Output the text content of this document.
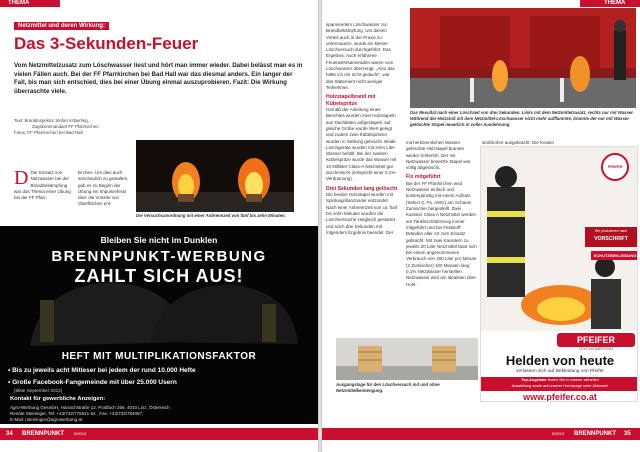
THEMA
Netzmittel und deren Wirkung:
Das 3-Sekunden-Feuer
Vom Netzmittelzusatz zum Löschwasser liest und hört man immer wieder. Dabei belässt man es in vielen Fällen auch. Bei der FF Pfarrkirchen bei Bad Hall war das diesmal anders. Ein langer der Fall, bis man sich entschied, dies bei einer Übung einmal auszuprobieren. Fazit: Die Wirkung überraschte viele.
Text: Brandinspektor Stefan Köberling,
Zugskommandant FF Pfarrkirchen
Fotos: FF Pfarrkirchen bei Bad Hall
D Der Einsatz von Netzwasser bei der Brandbekämpfung war das Thema einer Übung bei der FF Pfarr-
kirchen. Um dies auch anschaulich zu gestalten, gab es zu Beginn der Übung ein Impulsreferat über die Vorteile von Oberflächen ent-
Die Versuchsanordnung mit einer Anbrennzeit von fünf bis zehn Minuten.
Bleiben Sie nicht im Dunklen
BRENNPUNKT-WERBUNG
ZAHLT SICH AUS!
HEFT MIT MULTIPLIKATIONSFAKTOR
• Bis zu jeweils acht Mitleser bei jedem der rund 10.000 Hefte
• Große Facebook-Fangemeinde mit über 25.000 Usern
(Mitte September 2013)
Kontakt für gewerbliche Anzeigen:
Agro-Werbung GesmbH, Harrachstraße 12, Postfach 256, 4010 Linz, Österreich
Renate Steininger, Tel: +43/732/776641-54 , Fax: +43/732/784067,
E-Mail: rsteininger@agrowerbung.at
34 BRENNPUNKT	5/2013
THEMA
spannendem Löschwasser zur Brandbekämpfung. Um diesen Vorteil auch in der Praxis zu untermauern, wurde ein kleiner Löschversuch durchgeführt. Das Ergebnis: Auch erfahrene Feuerwehrkameraden waren vom Löschwasser überzeugt. „Also das hätte ich mir nicht gedacht“, war das Statement nicht weniger Teilnehmer.
Holzstapelbrand mit Kübelspritze
Gemäß der Anleitung eines Berichtes wurden zwei Holzstapeln aus Dachlatten aufgestapelt, auf gleiche Größe wurde Wert gelegt und zudem zwei Kübelspritzen wurden in Stellung gebracht. Beide Löschgeräte wurden mit zehn Liter Wasser befüllt. Bei der zweiten Kübelspritze wurde das Wasser mit 10 Milliliter Class-A Netzmittel gut durchmischt (entspricht einer 0,1%-Verdünnung).
Drei Sekunden lang gelöscht
Die beiden Holzstapel wurden mit Spiritusgrillanzünder entzündet. Nach einer Anbrennzeit von ca. fünf bis zehn Minuten wurden die Löschversuche zeitgleich gestartet und nach drei Sekunden mit folgendem Ergebnis beendet. Der
Das Resultat nach einer Löschzeit von drei Sekunden. Links mit dem Netzmittelzusatz, rechts nur mit Wasser. Während der Holzstoß mit dem Netzmittel-Löschwasser nicht mehr aufflammte, brannte der nur mit Wasser gelöschte Stapel neuerlich in voller Ausdehnung.
mit herkömmlichen Wasser gelöschte Holzstapel brannte wieder lichterloh. Der mit Netzwasser benetzte Stapel war völlig abgelöscht.
Fix mitgeführt
Bei der FF Pfarrkirchen wird Netzwasser einfach und kostengünstig mit einem Aufsatz (Select Z, Fa. AWG) am Schaum Zumischer hergestellt. Zwei Kanister Class A Netzmittel werden am Tanklöschfahrzeug immer mitgeführt und bei Feststoff-Bränden aller Art zum Einsatz gebracht. Mit zwei Kanistern zu jeweils 20 Liter Netzmittel lässt sich bei einem angenommenen Verbrauch von 400 Liter pro Minute (2 Zumischer) 100 Minuten lang 0,1% Netzwasser herstellen. Netzwasser wird am idealsten über Hohl-
strahlrohre ausgebracht. Die Kosten
Ausgangslage für den Löschversuch mit und ohne Netzmittelbeimengung.
PFEIFER
Wir produzieren nach
VORSCHRIFT
SCHUTZBEKLEIDUNG
PFEIFER
TEXTILKOMPETENZ
Helden von heute
verlassen sich auf Bekleidung von Pfeifer
Top-Angebote finden Sie in unserer aktuellen
Ausstellung sowie auf unserer Homepage unter Aktionen!
www.pfeifer.co.at
5/2013 BRENNPUNKT 35
